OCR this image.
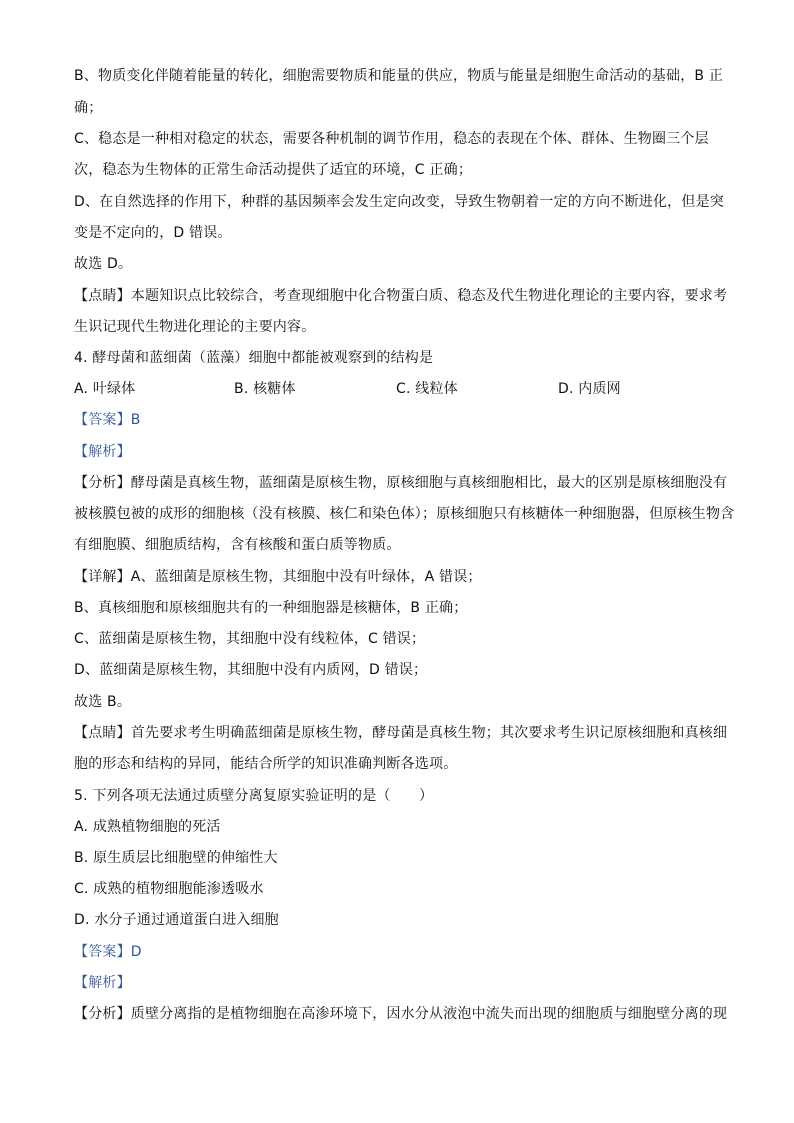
B、物质变化伴随着能量的转化，细胞需要物质和能量的供应，物质与能量是细胞生命活动的基础，B 正
确；
C、稳态是一种相对稳定的状态，需要各种机制的调节作用，稳态的表现在个体、群体、生物圈三个层
次，稳态为生物体的正常生命活动提供了适宜的环境，C 正确；
D、在自然选择的作用下，种群的基因频率会发生定向改变，导致生物朝着一定的方向不断进化，但是突
变是不定向的，D 错误。
故选 D。
【点睛】本题知识点比较综合，考查现细胞中化合物蛋白质、稳态及代生物进化理论的主要内容，要求考
生识记现代生物进化理论的主要内容。
4. 酵母菌和蓝细菌（蓝藻）细胞中都能被观察到的结构是
A. 叶绿体	B. 核糖体	C. 线粒体	D. 内质网
【答案】B
【解析】
【分析】酵母菌是真核生物，蓝细菌是原核生物，原核细胞与真核细胞相比，最大的区别是原核细胞没有
被核膜包被的成形的细胞核（没有核膜、核仁和染色体）；原核细胞只有核糖体一种细胞器，但原核生物含
有细胞膜、细胞质结构，含有核酸和蛋白质等物质。
【详解】A、蓝细菌是原核生物，其细胞中没有叶绿体，A 错误；
B、真核细胞和原核细胞共有的一种细胞器是核糖体，B 正确；
C、蓝细菌是原核生物，其细胞中没有线粒体，C 错误；
D、蓝细菌是原核生物，其细胞中没有内质网，D 错误；
故选 B。
【点睛】首先要求考生明确蓝细菌是原核生物，酵母菌是真核生物；其次要求考生识记原核细胞和真核细
胞的形态和结构的异同，能结合所学的知识准确判断各选项。
5. 下列各项无法通过质壁分离复原实验证明的是（　　）
A. 成熟植物细胞的死活
B. 原生质层比细胞壁的伸缩性大
C. 成熟的植物细胞能渗透吸水
D. 水分子通过通道蛋白进入细胞
【答案】D
【解析】
【分析】质壁分离指的是植物细胞在高渗环境下，因水分从液泡中流失而出现的细胞质与细胞壁分离的现
